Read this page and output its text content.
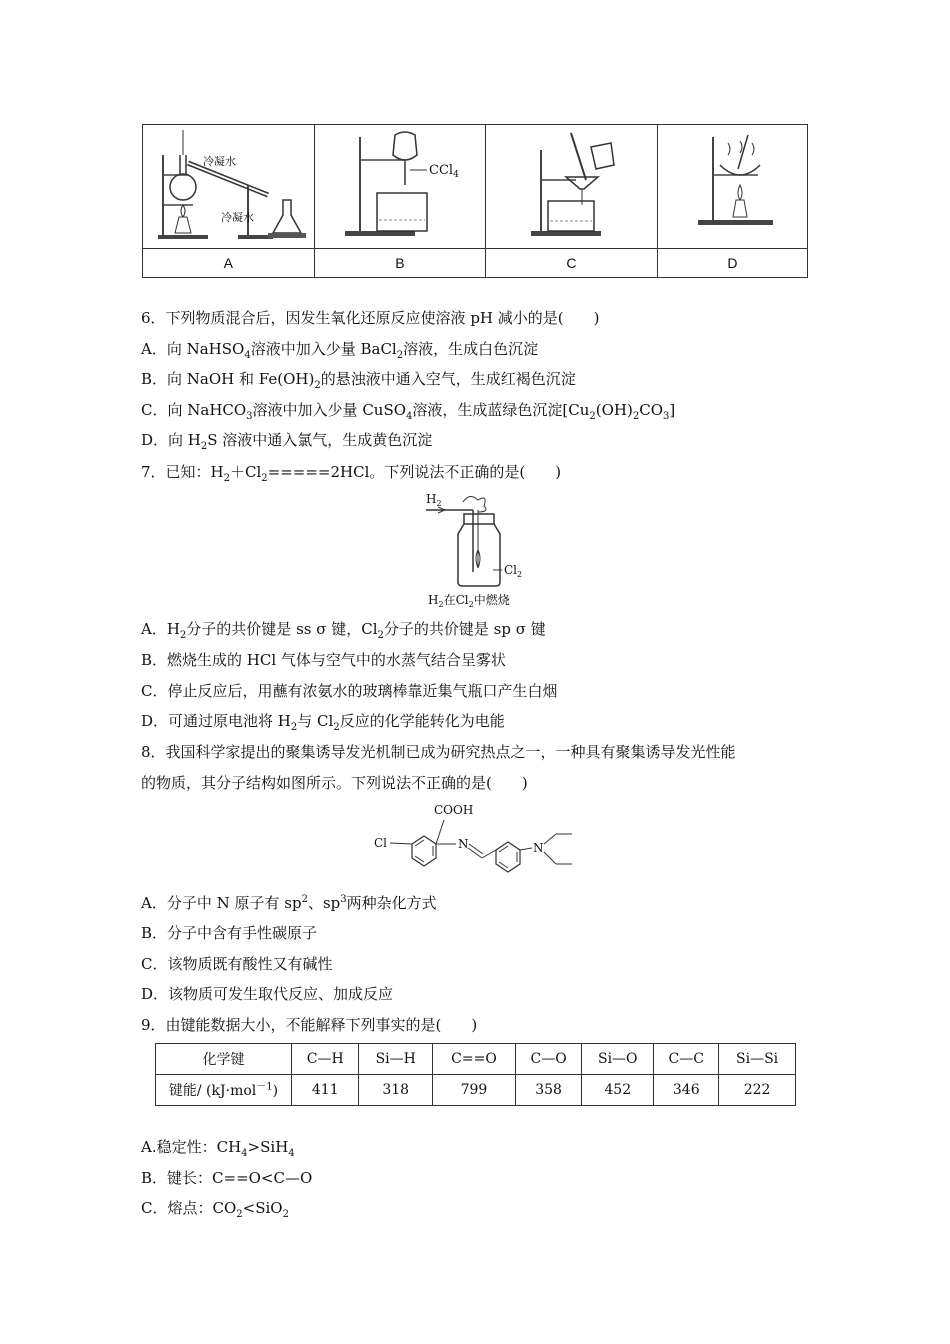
冷凝水
冷凝水	CCl$_4$

A	B	C	D
6．下列物质混合后，因发生氧化还原反应使溶液 pH 减小的是(　　)
A．向 NaHSO$_4$溶液中加入少量 BaCl$_2$溶液，生成白色沉淀
B．向 NaOH 和 $Fe(OH)_2$的悬浊液中通入空气，生成红褐色沉淀
C．向 NaHCO$_3$溶液中加入少量 CuSO$_4$溶液，生成蓝绿色沉淀$[Cu_2(OH)_2CO_3]$
D．向 $H_2S$ 溶液中通入氯气，生成黄色沉淀
7．已知：$H_2+Cl_2=====2HCl$。下列说法不正确的是(　　)
$H_2$
$Cl_2$
$H_2$在$Cl_2$中燃烧
A．$H_2$分子的共价键是 ss σ 键，$Cl_2$分子的共价键是 sp σ 键
B．燃烧生成的 HCl 气体与空气中的水蒸气结合呈雾状
C．停止反应后，用蘸有浓氨水的玻璃棒靠近集气瓶口产生白烟
D．可通过原电池将 $H_2$与 $Cl_2$反应的化学能转化为电能
8．我国科学家提出的聚集诱导发光机制已成为研究热点之一，一种具有聚集诱导发光性能
的物质，其分子结构如图所示。下列说法不正确的是(　　)
COOH
Cl	N	N
A．分子中 N 原子有 $sp^2$、$sp^3$两种杂化方式
B．分子中含有手性碳原子
C．该物质既有酸性又有碱性
D．该物质可发生取代反应、加成反应
9．由键能数据大小，不能解释下列事实的是(　　)
化学键	C—H	Si—H	C==O	C—O	Si—O	C—C	Si—Si
键能/ (kJ·mol$^{-1}$)	411	318	799	358	452	346	222
A.稳定性：$CH_4>SiH_4$
B．键长：C==O<C—O
C．熔点：$CO_2<SiO_2$
